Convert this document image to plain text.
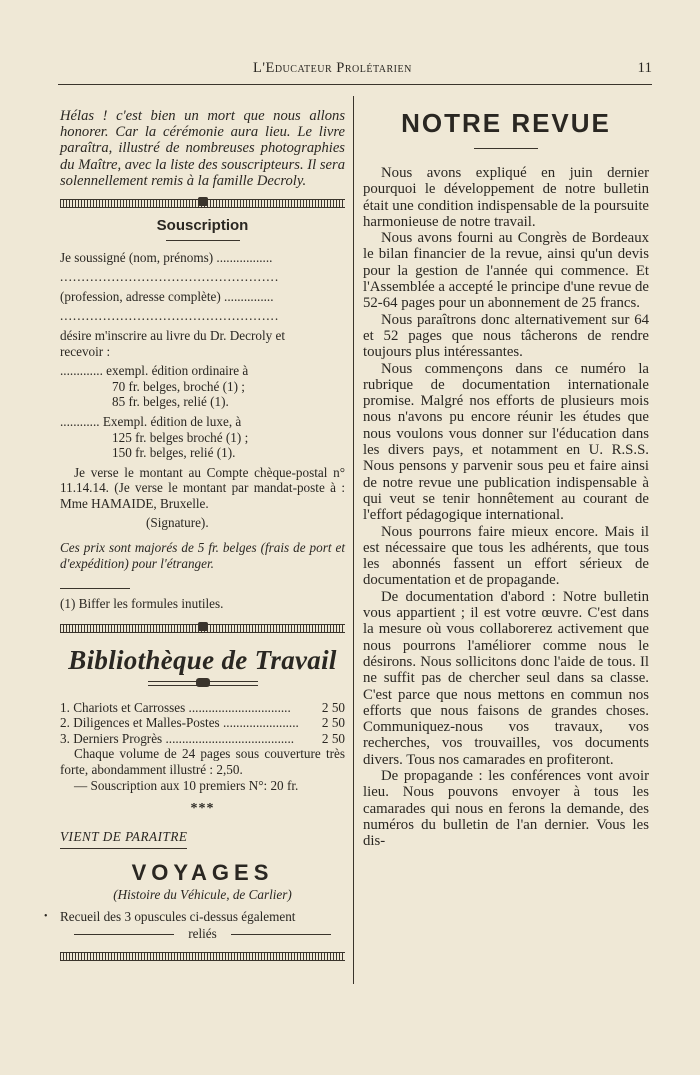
L'Educateur Prolétarien	11
Hélas ! c'est bien un mort que nous allons honorer. Car la cérémonie aura lieu. Le livre paraîtra, illustré de nombreuses photographies du Maître, avec la liste des souscripteurs. Il sera solennellement remis à la famille Decroly.
Souscription
Je soussigné (nom, prénoms) .................
...................................................
(profession, adresse complète) ...............
...................................................
désire m'inscrire au livre du Dr. Decroly et
recevoir :
............. exempl. édition ordinaire à
70 fr. belges, broché (1) ;
85 fr. belges, relié (1).
............ Exempl. édition de luxe, à
125 fr. belges broché (1) ;
150 fr. belges, relié (1).
Je verse le montant au Compte chèque-postal n° 11.14.14. (Je verse le montant par mandat-poste à : Mme HAMAIDE, Bruxelle.
(Signature).
Ces prix sont majorés de 5 fr. belges (frais de port et d'expédition) pour l'étranger.
(1) Biffer les formules inutiles.
Bibliothèque de Travail
1. Chariots et Carrosses ...............................	2 50
2. Diligences et Malles-Postes .......................	2 50
3. Derniers Progrès .......................................	2 50
Chaque volume de 24 pages sous couverture très forte, abondamment illustré : 2,50.
— Souscription aux 10 premiers N°: 20 fr.
***
VIENT DE PARAITRE
VOYAGES
(Histoire du Véhicule, de Carlier)
• Recueil des 3 opuscules ci-dessus également
reliés
NOTRE REVUE

Nous avons expliqué en juin dernier pourquoi le développement de notre bulletin était une condition indispensable de la poursuite harmonieuse de notre travail.

Nous avons fourni au Congrès de Bordeaux le bilan financier de la revue, ainsi qu'un devis pour la gestion de l'année qui commence. Et l'Assemblée a accepté le principe d'une revue de 52-64 pages pour un abonnement de 25 francs.

Nous paraîtrons donc alternativement sur 64 et 52 pages que nous tâcherons de rendre toujours plus intéressantes.

Nous commençons dans ce numéro la rubrique de documentation internationale promise. Malgré nos efforts de plusieurs mois nous n'avons pu encore réunir les études que nous voulons vous donner sur l'éducation dans les divers pays, et notamment en U. R.S.S. Nous pensons y parvenir sous peu et faire ainsi de notre revue une publication indispensable à qui veut se tenir honnêtement au courant de l'effort pédagogique international.

Nous pourrons faire mieux encore. Mais il est nécessaire que tous les adhérents, que tous les abonnés fassent un effort sérieux de documentation et de propagande.

De documentation d'abord : Notre bulletin vous appartient ; il est votre œuvre. C'est dans la mesure où vous collaborerez activement que nous pourrons l'améliorer comme nous le désirons. Nous sollicitons donc l'aide de tous. Il ne suffit pas de chercher seul dans sa classe. C'est parce que nous mettons en commun nos efforts que nous faisons de grandes choses. Communiquez-nous vos travaux, vos recherches, vos trouvailles, vos documents divers. Tous nos camarades en profiteront.

De propagande : les conférences vont avoir lieu. Nous pouvons envoyer à tous les camarades qui nous en ferons la demande, des numéros du bulletin de l'an dernier. Vous les dis-
